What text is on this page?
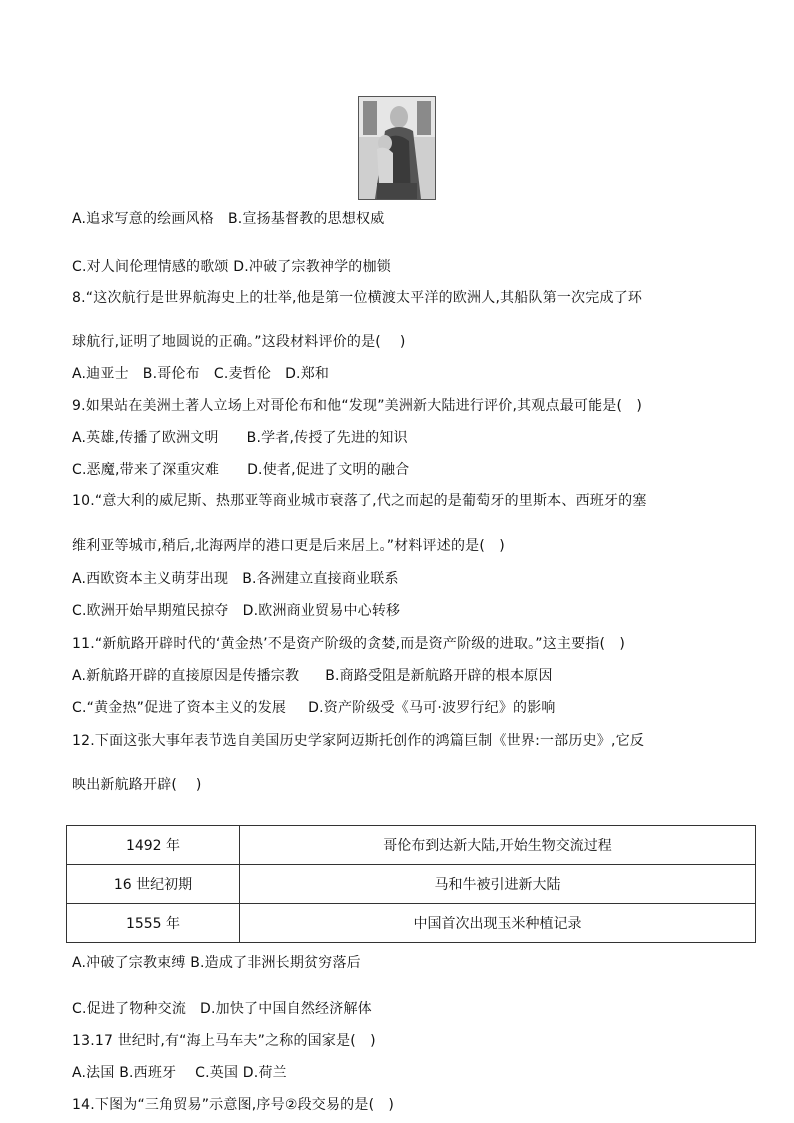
A.追求写意的绘画风格 B.宣扬基督教的思想权威
C.对人间伦理情感的歌颂 D.冲破了宗教神学的枷锁
8.“这次航行是世界航海史上的壮举,他是第一位横渡太平洋的欧洲人,其船队第一次完成了环
球航行,证明了地圆说的正确。”这段材料评价的是(　 )
A.迪亚士 B.哥伦布 C.麦哲伦 D.郑和
9.如果站在美洲土著人立场上对哥伦布和他“发现”美洲新大陆进行评价,其观点最可能是(　)
A.英雄,传播了欧洲文明 B.学者,传授了先进的知识
C.恶魔,带来了深重灾难 D.使者,促进了文明的融合
10.“意大利的威尼斯、热那亚等商业城市衰落了,代之而起的是葡萄牙的里斯本、西班牙的塞
维利亚等城市,稍后,北海两岸的港口更是后来居上。”材料评述的是(　)
A.西欧资本主义萌芽出现 B.各洲建立直接商业联系
C.欧洲开始早期殖民掠夺 D.欧洲商业贸易中心转移
11.“新航路开辟时代的‘黄金热’不是资产阶级的贪婪,而是资产阶级的进取。”这主要指(　)
A.新航路开辟的直接原因是传播宗教 B.商路受阻是新航路开辟的根本原因
C.“黄金热”促进了资本主义的发展 D.资产阶级受《马可·波罗行纪》的影响
12.下面这张大事年表节选自美国历史学家阿迈斯托创作的鸿篇巨制《世界:一部历史》,它反
映出新航路开辟(　 )
1492 年	哥伦布到达新大陆,开始生物交流过程
16 世纪初期	马和牛被引进新大陆
1555 年	中国首次出现玉米种植记录
A.冲破了宗教束缚 B.造成了非洲长期贫穷落后
C.促进了物种交流 D.加快了中国自然经济解体
13.17 世纪时,有“海上马车夫”之称的国家是(　)
A.法国 B.西班牙　 C.英国 D.荷兰
14.下图为“三角贸易”示意图,序号②段交易的是(　)
